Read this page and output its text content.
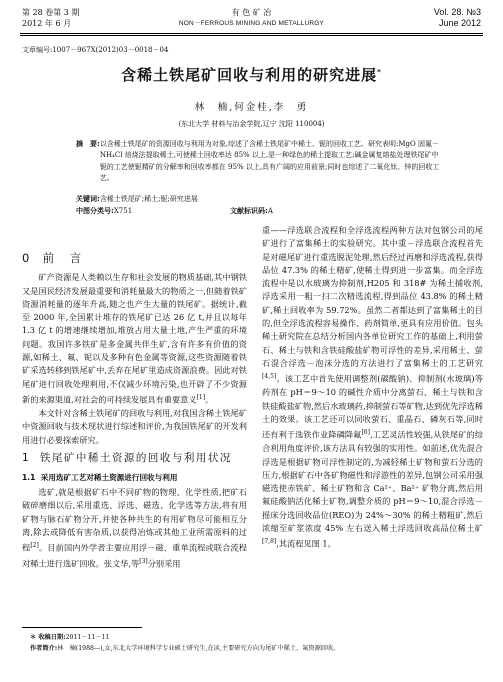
第 28 卷第 3 期
2012 年 6 月
有 色 矿 冶
NON－FERROUS MINING AND METALLURGY
Vol. 28. №3
June 2012
文章编号:1007－967X(2012)03－0018－04
含稀土铁尾矿回收与利用的研究进展*
林　楠,何金桂,李　勇
(东北大学 材料与冶金学院,辽宁 沈阳 110004)
摘　要: 以含稀土铁尾矿的资源回收与利用为对象,综述了含稀土铁尾矿中稀土、铌的回收工艺。研究表明:MgO 固氟－NH₄Cl 焙烧法提取稀土,可使稀土回收率达 85% 以上,是一种绿色的稀土提取工艺;碱金属复熔盐处理铁尾矿中铌的工艺使铌精矿的分解率和回收率都在 95% 以上,具有广阔的应用前景;同时也综述了二氧化钛、锌的回收工艺。
关键词:含稀土铁尾矿;稀土;铌;研究进展
中图分类号:X751	文献标识码:A
0 前　言

矿产资源是人类赖以生存和社会发展的物质基础,其中钢铁又是国民经济发展最重要和消耗量最大的物质之一,但随着铁矿资源消耗量的逐年升高,随之也产生大量的铁尾矿。据统计,截至 2000 年,全国累计堆存的铁尾矿已达 26 亿 t,并且以每年 1.3 亿 t 的增速继续增加,堆放占用大量土地,产生严重的环境问题。我国许多铁矿是多金属共伴生矿,含有许多有价值的资源,如稀土、氟、铌以及多种有色金属等资源,这些资源随着铁矿采选转移到铁尾矿中,丢弃在尾矿里造成资源浪费。因此对铁尾矿进行回收处理利用,不仅减少环境污染,也开辟了不少资源新的来源渠道,对社会的可持续发展具有重要意义[1]。

本文针对含稀土铁尾矿的回收与利用,对我国含稀土铁尾矿中资源回收与技术现状进行综述和评价,为我国铁尾矿的开发利用进行必要探索研究。

1 铁尾矿中稀土资源的回收与利用状况
1.1 采用选矿工艺对稀土资源进行回收与利用

选矿,就是根据矿石中不同矿物的物理、化学性质,把矿石破碎磨细以后,采用重选、浮选、磁选、化学选等方法,将有用矿物与脉石矿物分开,并使各种共生的有用矿物尽可能相互分离,除去或降低有害杂质,以获得冶炼或其他工业所需原料的过程[2]。目前国内外学者主要应用浮－磁、重单流程或联合流程对稀土进行选矿回收。张文华,等[3]分别采用

重——浮选联合流程和全浮选流程两种方法对包钢公司的尾矿进行了富集稀土的实验研究。其中重－浮选联合流程首先是对磁尾矿进行重选脱泥处理,然后经过再磨和浮选流程,获得品位 47.3% 的稀土精矿,使稀土得到进一步富集。而全浮选流程中是以水玻璃为抑制剂,H205 和 318# 为稀土捕收剂,浮选采用一粗一扫二次精选流程,得到品位 43.8% 的稀土精矿,稀土回收率为 59.72%。虽然二者都达到了富集稀土的目的,但全浮选流程容易操作、药剂简单,更具有应用价值。包头稀土研究院在总结分析国内各单位研究工作的基础上,利用萤石、稀土与铁和含铁硅酸盐矿物可浮性的差异,采用稀土、萤石混合浮选－泡沫分选的方法进行了富集稀土的工艺研究[4,5]。该工艺中首先使用调整剂(碳酸钠)、抑制剂(水玻璃)等药剂在 pH＝9～10 的碱性介质中分离萤石、稀土与铁和含铁硅酸盐矿物,然后水玻璃药,抑制萤石等矿物,达到优先浮选稀土的效果。该工艺还可以同收萤石、重晶石、磷灰石等,同时还有利于选铁作业降磷降氟[6],工艺灵活性较强,从铁尾矿的综合利用角度评价,该方法具有较强的实用性。如前述,优先混合浮选是根据矿物可浮性制定的,为减轻稀土矿物和萤石分选的压力,根据矿石中各矿物磁性和浮游性的差异,包钢公司采用强磁选使赤铁矿、稀土矿物和含 Ca²⁺、Ba²⁺ 矿物分离,然后用氟硅酸钠活化稀土矿物,调整介质的 pH＝9～10,混合浮选－摇床分选回收品位(REO)为 24%～30% 的稀土精粗矿,然后浓缩至矿浆浓度 45% 左右送入稀土浮选回收高品位稀土矿[7,8],其流程见图 1。

＊ 收稿日期:2011－11－11
作者简介:林　楠(1988—),女,东北大学环境科学专业硕士研究生,在读,主要研究方向为尾矿中稀土、氟资源回收。
